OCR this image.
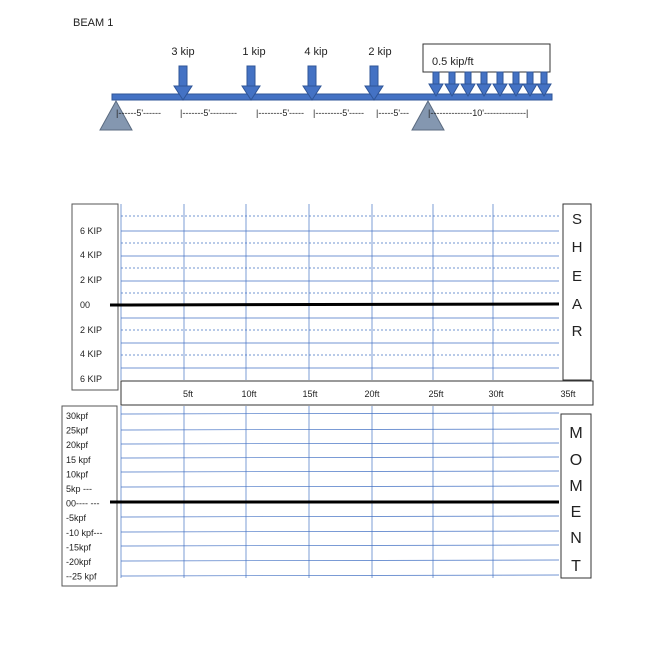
BEAM 1
3 kip	1 kip	4 kip	2 kip
0.5 kip/ft
|------5'------ |-------5'--------- |--------5'----- |---------5'----- |-----5'--- |--------------10'--------------|
6 KIP
4 KIP
2 KIP
00
2 KIP
4 KIP
6 KIP
S
H
E
A
R
5ft	10ft	15ft	20ft	25ft	30ft	35ft
30kpf
25kpf
20kpf
15 kpf
10kpf
5kp ---
00---- ---
-5kpf
-10 kpf---
-15kpf
-20kpf
--25 kpf
M
O
M
E
N
T
